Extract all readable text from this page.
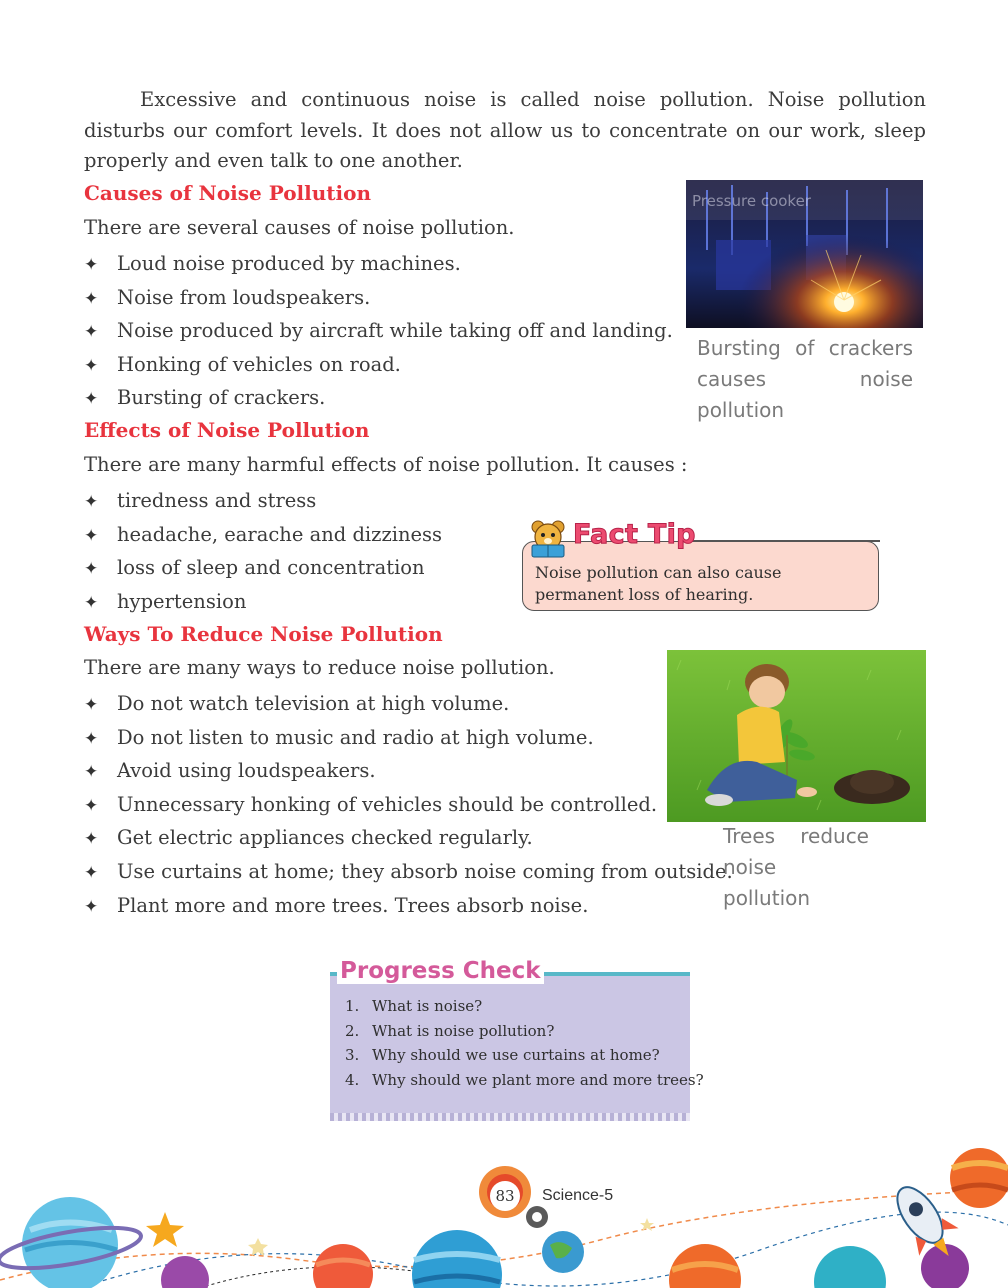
Excessive and continuous noise is called noise pollution. Noise pollution disturbs our comfort levels. It does not allow us to concentrate on our work, sleep properly and even talk to one another.

Causes of Noise Pollution

There are several causes of noise pollution.

✦ Loud noise produced by machines.
✦ Noise from loudspeakers.
✦ Noise produced by aircraft while taking off and landing.
✦ Honking of vehicles on road.
✦ Bursting of crackers.
Pressure cooker

Bursting of crackers causes noise pollution

Effects of Noise Pollution

There are many harmful effects of noise pollution. It causes :

✦ tiredness and stress
✦ headache, earache and dizziness
✦ loss of sleep and concentration
✦ hypertension
Noise pollution can also cause permanent loss of hearing.
Fact Tip
Ways To Reduce Noise Pollution

There are many ways to reduce noise pollution.

✦ Do not watch television at high volume.
✦ Do not listen to music and radio at high volume.
✦ Avoid using loudspeakers.
✦ Unnecessary honking of vehicles should be controlled.
✦ Get electric appliances checked regularly.
✦ Use curtains at home; they absorb noise coming from outside.
✦ Plant more and more trees. Trees absorb noise.

Trees reduce noise pollution

Progress Check
1. What is noise?
2. What is noise pollution?
3. Why should we use curtains at home?
4. Why should we plant more and more trees?
83	Science-5
